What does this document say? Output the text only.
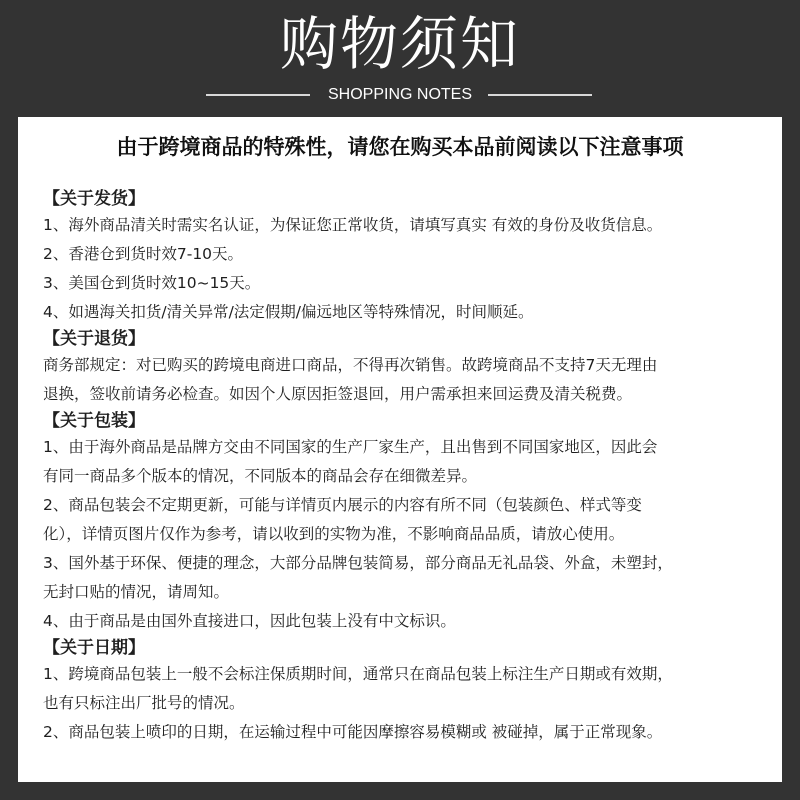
购物须知
SHOPPING NOTES
由于跨境商品的特殊性，请您在购买本品前阅读以下注意事项
【关于发货】
1、海外商品清关时需实名认证，为保证您正常收货，请填写真实 有效的身份及收货信息。
2、香港仓到货时效7-10天。
3、美国仓到货时效10~15天。
4、如遇海关扣货/清关异常/法定假期/偏远地区等特殊情况，时间顺延。
【关于退货】
商务部规定：对已购买的跨境电商进口商品，不得再次销售。故跨境商品不支持7天无理由
退换，签收前请务必检查。如因个人原因拒签退回，用户需承担来回运费及清关税费。
【关于包装】
1、由于海外商品是品牌方交由不同国家的生产厂家生产，且出售到不同国家地区，因此会
有同一商品多个版本的情况，不同版本的商品会存在细微差异。
2、商品包装会不定期更新，可能与详情页内展示的内容有所不同（包装颜色、样式等变
化），详情页图片仅作为参考，请以收到的实物为准，不影响商品品质，请放心使用。
3、国外基于环保、便捷的理念，大部分品牌包装简易，部分商品无礼品袋、外盒，未塑封，
无封口贴的情况，请周知。
4、由于商品是由国外直接进口，因此包装上没有中文标识。
【关于日期】
1、跨境商品包装上一般不会标注保质期时间，通常只在商品包装上标注生产日期或有效期，
也有只标注出厂批号的情况。
2、商品包装上喷印的日期，在运输过程中可能因摩擦容易模糊或 被碰掉，属于正常现象。
